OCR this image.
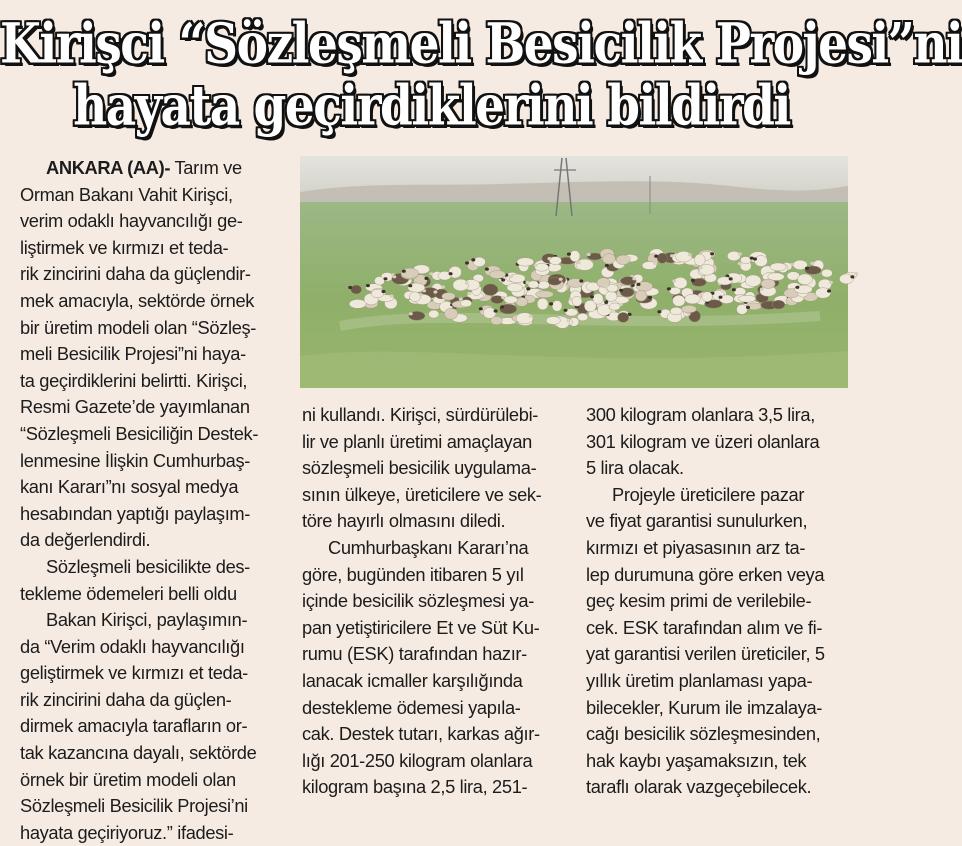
Kirişci “Sözleşmeli Besicilik Projesi”ni
hayata geçirdiklerini bildirdi

ANKARA (AA)- Tarım ve

Orman Bakanı Vahit Kirişci,

verim odaklı hayvancılığı ge-

liştirmek ve kırmızı et teda-

rik zincirini daha da güçlendir-

mek amacıyla, sektörde örnek

bir üretim modeli olan “Sözleş-

meli Besicilik Projesi”ni haya-

ta geçirdiklerini belirtti. Kirişci,

Resmi Gazete’de yayımlanan

“Sözleşmeli Besiciliğin Destek-

lenmesine İlişkin Cumhurbaş-

kanı Kararı”nı sosyal medya

hesabından yaptığı paylaşım-

da değerlendirdi.

Sözleşmeli besicilikte des-

tekleme ödemeleri belli oldu

Bakan Kirişci, paylaşımın-

da “Verim odaklı hayvancılığı

geliştirmek ve kırmızı et teda-

rik zincirini daha da güçlen-

dirmek amacıyla tarafların or-

tak kazancına dayalı, sektörde

örnek bir üretim modeli olan

Sözleşmeli Besicilik Projesi’ni

hayata geçiriyoruz.” ifadesi-

ni kullandı. Kirişci, sürdürülebi-

lir ve planlı üretimi amaçlayan

sözleşmeli besicilik uygulama-

sının ülkeye, üreticilere ve sek-

töre hayırlı olmasını diledi.

Cumhurbaşkanı Kararı’na

göre, bugünden itibaren 5 yıl

içinde besicilik sözleşmesi ya-

pan yetiştiricilere Et ve Süt Ku-

rumu (ESK) tarafından hazır-

lanacak icmaller karşılığında

destekleme ödemesi yapıla-

cak. Destek tutarı, karkas ağır-

lığı 201-250 kilogram olanlara

kilogram başına 2,5 lira, 251-

300 kilogram olanlara 3,5 lira,

301 kilogram ve üzeri olanlara

5 lira olacak.

Projeyle üreticilere pazar

ve fiyat garantisi sunulurken,

kırmızı et piyasasının arz ta-

lep durumuna göre erken veya

geç kesim primi de verilebile-

cek. ESK tarafından alım ve fi-

yat garantisi verilen üreticiler, 5

yıllık üretim planlaması yapa-

bilecekler, Kurum ile imzalaya-

cağı besicilik sözleşmesinden,

hak kaybı yaşamaksızın, tek

taraflı olarak vazgeçebilecek.
